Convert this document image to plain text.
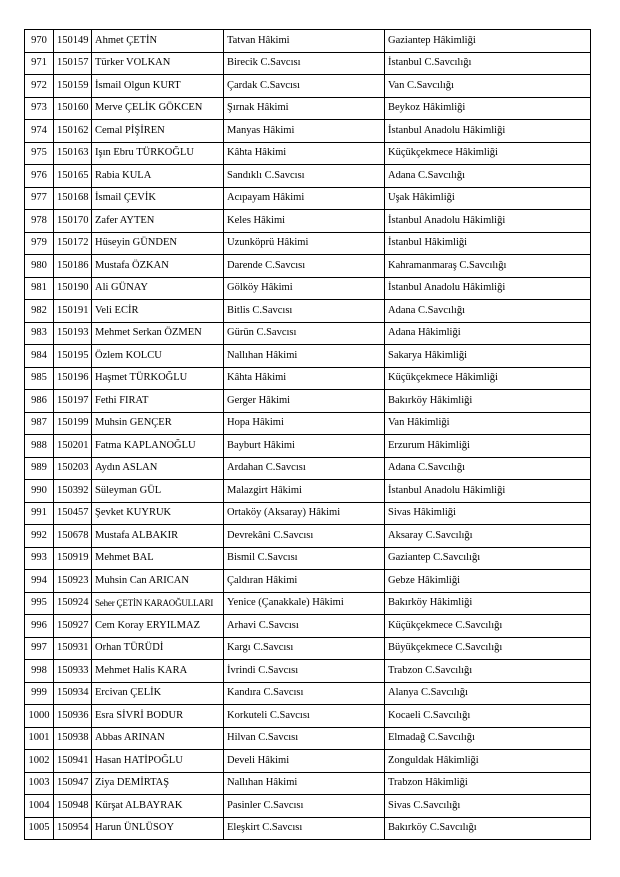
970	150149	Ahmet ÇETİN	Tatvan Hâkimi	Gaziantep Hâkimliği
971	150157	Türker VOLKAN	Birecik C.Savcısı	İstanbul C.Savcılığı
972	150159	İsmail Olgun KURT	Çardak C.Savcısı	Van C.Savcılığı
973	150160	Merve ÇELİK GÖKCEN	Şırnak Hâkimi	Beykoz Hâkimliği
974	150162	Cemal PİŞİREN	Manyas Hâkimi	İstanbul Anadolu Hâkimliği
975	150163	Işın Ebru TÜRKOĞLU	Kâhta Hâkimi	Küçükçekmece Hâkimliği
976	150165	Rabia KULA	Sandıklı C.Savcısı	Adana C.Savcılığı
977	150168	İsmail ÇEVİK	Acıpayam Hâkimi	Uşak Hâkimliği
978	150170	Zafer AYTEN	Keles Hâkimi	İstanbul Anadolu Hâkimliği
979	150172	Hüseyin GÜNDEN	Uzunköprü Hâkimi	İstanbul Hâkimliği
980	150186	Mustafa ÖZKAN	Darende C.Savcısı	Kahramanmaraş C.Savcılığı
981	150190	Ali GÜNAY	Gölköy Hâkimi	İstanbul Anadolu Hâkimliği
982	150191	Veli ECİR	Bitlis C.Savcısı	Adana C.Savcılığı
983	150193	Mehmet Serkan ÖZMEN	Gürün C.Savcısı	Adana Hâkimliği
984	150195	Özlem KOLCU	Nallıhan Hâkimi	Sakarya Hâkimliği
985	150196	Haşmet TÜRKOĞLU	Kâhta Hâkimi	Küçükçekmece Hâkimliği
986	150197	Fethi FIRAT	Gerger Hâkimi	Bakırköy Hâkimliği
987	150199	Muhsin GENÇER	Hopa Hâkimi	Van Hâkimliği
988	150201	Fatma KAPLANOĞLU	Bayburt Hâkimi	Erzurum Hâkimliği
989	150203	Aydın ASLAN	Ardahan C.Savcısı	Adana C.Savcılığı
990	150392	Süleyman GÜL	Malazgirt Hâkimi	İstanbul Anadolu Hâkimliği
991	150457	Şevket KUYRUK	Ortaköy (Aksaray) Hâkimi	Sivas Hâkimliği
992	150678	Mustafa ALBAKIR	Devrekâni C.Savcısı	Aksaray C.Savcılığı
993	150919	Mehmet BAL	Bismil C.Savcısı	Gaziantep C.Savcılığı
994	150923	Muhsin Can ARICAN	Çaldıran Hâkimi	Gebze Hâkimliği
995	150924	Seher ÇETİN KARAOĞULLARI	Yenice (Çanakkale) Hâkimi	Bakırköy Hâkimliği
996	150927	Cem Koray ERYILMAZ	Arhavi C.Savcısı	Küçükçekmece C.Savcılığı
997	150931	Orhan TÜRÜDİ	Kargı C.Savcısı	Büyükçekmece C.Savcılığı
998	150933	Mehmet Halis KARA	İvrindi C.Savcısı	Trabzon C.Savcılığı
999	150934	Ercivan ÇELİK	Kandıra C.Savcısı	Alanya C.Savcılığı
1000	150936	Esra SİVRİ BODUR	Korkuteli C.Savcısı	Kocaeli C.Savcılığı
1001	150938	Abbas ARINAN	Hilvan C.Savcısı	Elmadağ C.Savcılığı
1002	150941	Hasan HATİPOĞLU	Develi Hâkimi	Zonguldak Hâkimliği
1003	150947	Ziya DEMİRTAŞ	Nallıhan Hâkimi	Trabzon Hâkimliği
1004	150948	Kürşat ALBAYRAK	Pasinler C.Savcısı	Sivas C.Savcılığı
1005	150954	Harun ÜNLÜSOY	Eleşkirt C.Savcısı	Bakırköy C.Savcılığı
